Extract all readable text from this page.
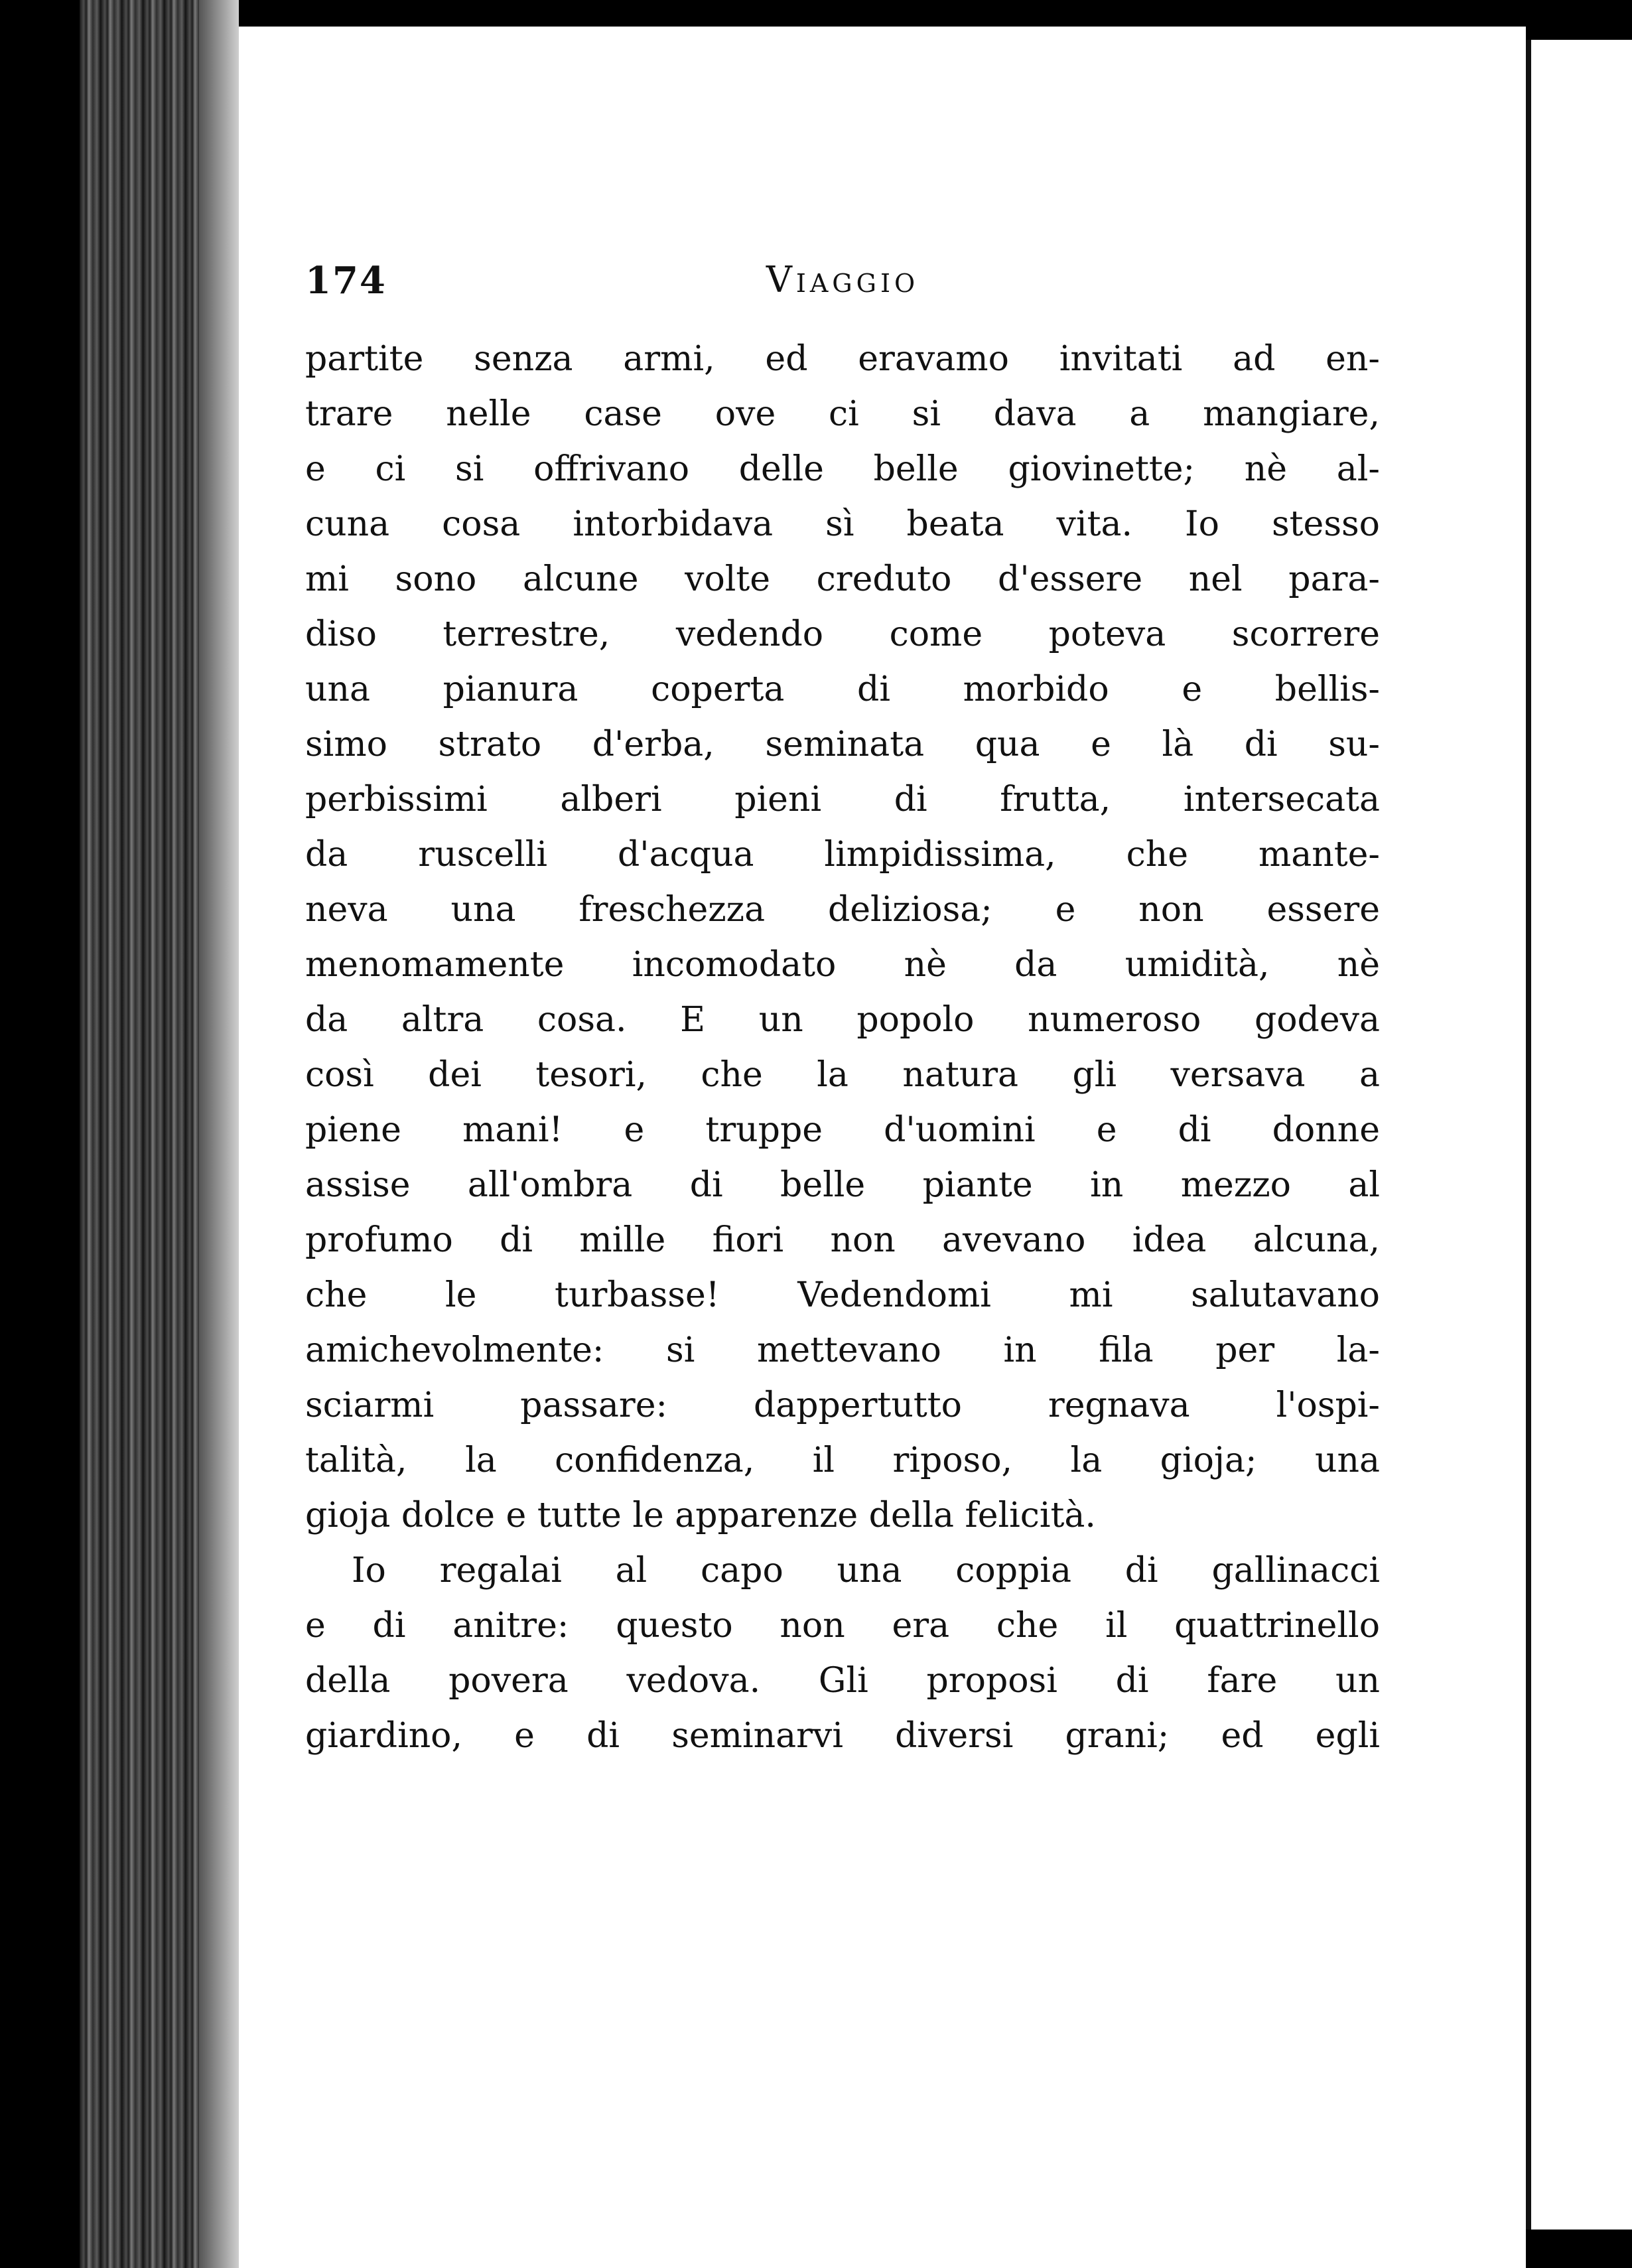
174	Viaggio
partite senza armi, ed eravamo invitati ad en-
trare nelle case ove ci si dava a mangiare,
e ci si offrivano delle belle giovinette; nè al-
cuna cosa intorbidava sì beata vita. Io stesso
mi sono alcune volte creduto d'essere nel para-
diso terrestre, vedendo come poteva scorrere
una pianura coperta di morbido e bellis-
simo strato d'erba, seminata qua e là di su-
perbissimi alberi pieni di frutta, intersecata
da ruscelli d'acqua limpidissima, che mante-
neva una freschezza deliziosa; e non essere
menomamente incomodato nè da umidità, nè
da altra cosa. E un popolo numeroso godeva
così dei tesori, che la natura gli versava a
piene mani! e truppe d'uomini e di donne
assise all'ombra di belle piante in mezzo al
profumo di mille fiori non avevano idea alcuna,
che le turbasse! Vedendomi mi salutavano
amichevolmente: si mettevano in fila per la-
sciarmi passare: dappertutto regnava l'ospi-
talità, la confidenza, il riposo, la gioja; una
gioja dolce e tutte le apparenze della felicità.
Io regalai al capo una coppia di gallinacci
e di anitre: questo non era che il quattrinello
della povera vedova. Gli proposi di fare un
giardino, e di seminarvi diversi grani; ed egli
